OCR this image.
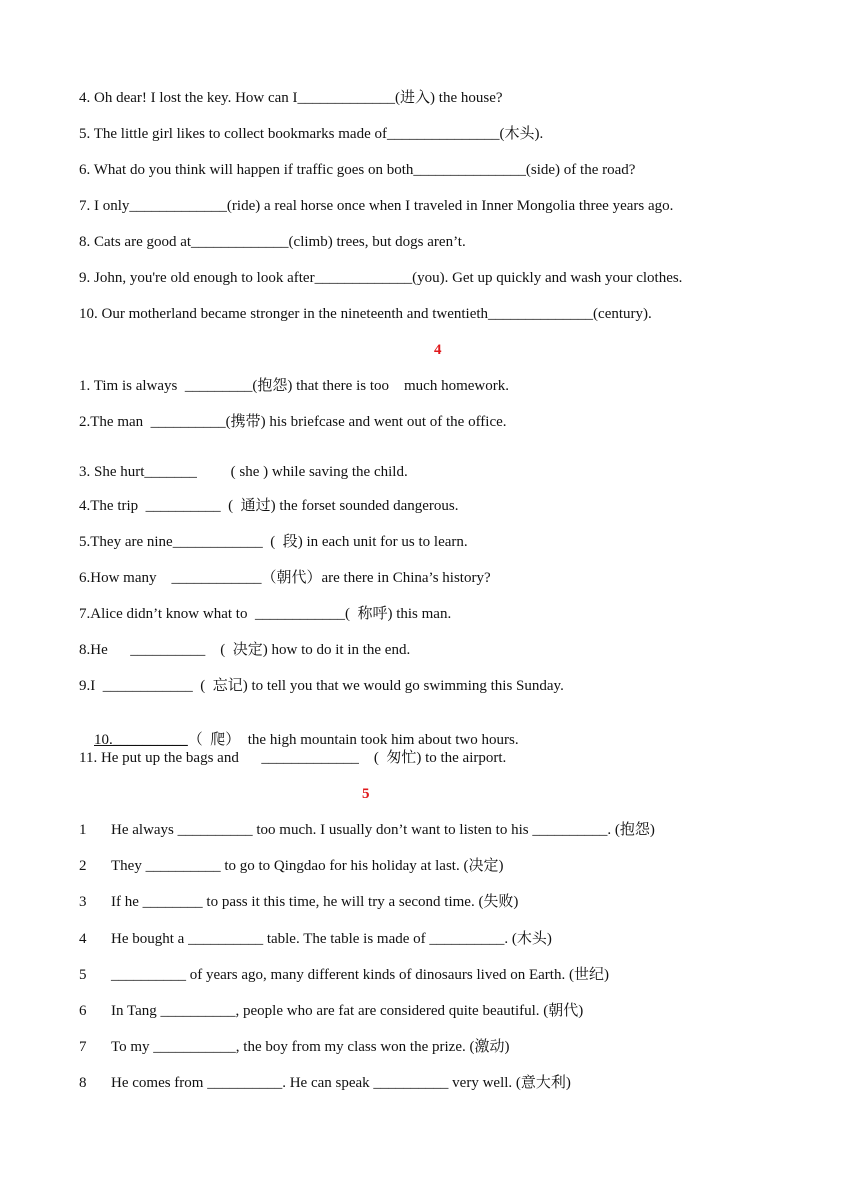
4. Oh dear! I lost the key. How can I_____________(进入) the house?
5. The little girl likes to collect bookmarks made of_______________(木头).
6. What do you think will happen if traffic goes on both_______________(side) of the road?
7. I only_____________(ride) a real horse once when I traveled in Inner Mongolia three years ago.
8. Cats are good at_____________(climb) trees, but dogs aren’t.
9. John, you're old enough to look after_____________(you). Get up quickly and wash your clothes.
10. Our motherland became stronger in the nineteenth and twentieth______________(century).
4
1. Tim is always  _________(抱怨) that there is too    much homework.
2.The man  __________(携带) his briefcase and went out of the office.
3. She hurt_______         ( she ) while saving the child.
4.The trip  __________  (  通过) the forset sounded dangerous.
5.They are nine____________  (  段) in each unit for us to learn.
6.How many    ____________（朝代）are there in China’s history?
7.Alice didn’t know what to  ____________(  称呼) this man.
8.He      __________    (  决定) how to do it in the end.
9.I  ____________  (  忘记) to tell you that we would go swimming this Sunday.

10.__________（  爬）  the high mountain took him about two hours.

11. He put up the bags and      _____________    (  匆忙) to the airport.
5
1 He always __________ too much. I usually don’t want to listen to his __________. (抱怨)
2 They __________ to go to Qingdao for his holiday at last. (决定)
3 If he ________ to pass it this time, he will try a second time. (失败)
4 He bought a __________ table. The table is made of __________. (木头)
5 __________ of years ago, many different kinds of dinosaurs lived on Earth. (世纪)
6 In Tang __________, people who are fat are considered quite beautiful. (朝代)
7 To my ___________, the boy from my class won the prize. (激动)
8 He comes from __________. He can speak __________ very well. (意大利)
